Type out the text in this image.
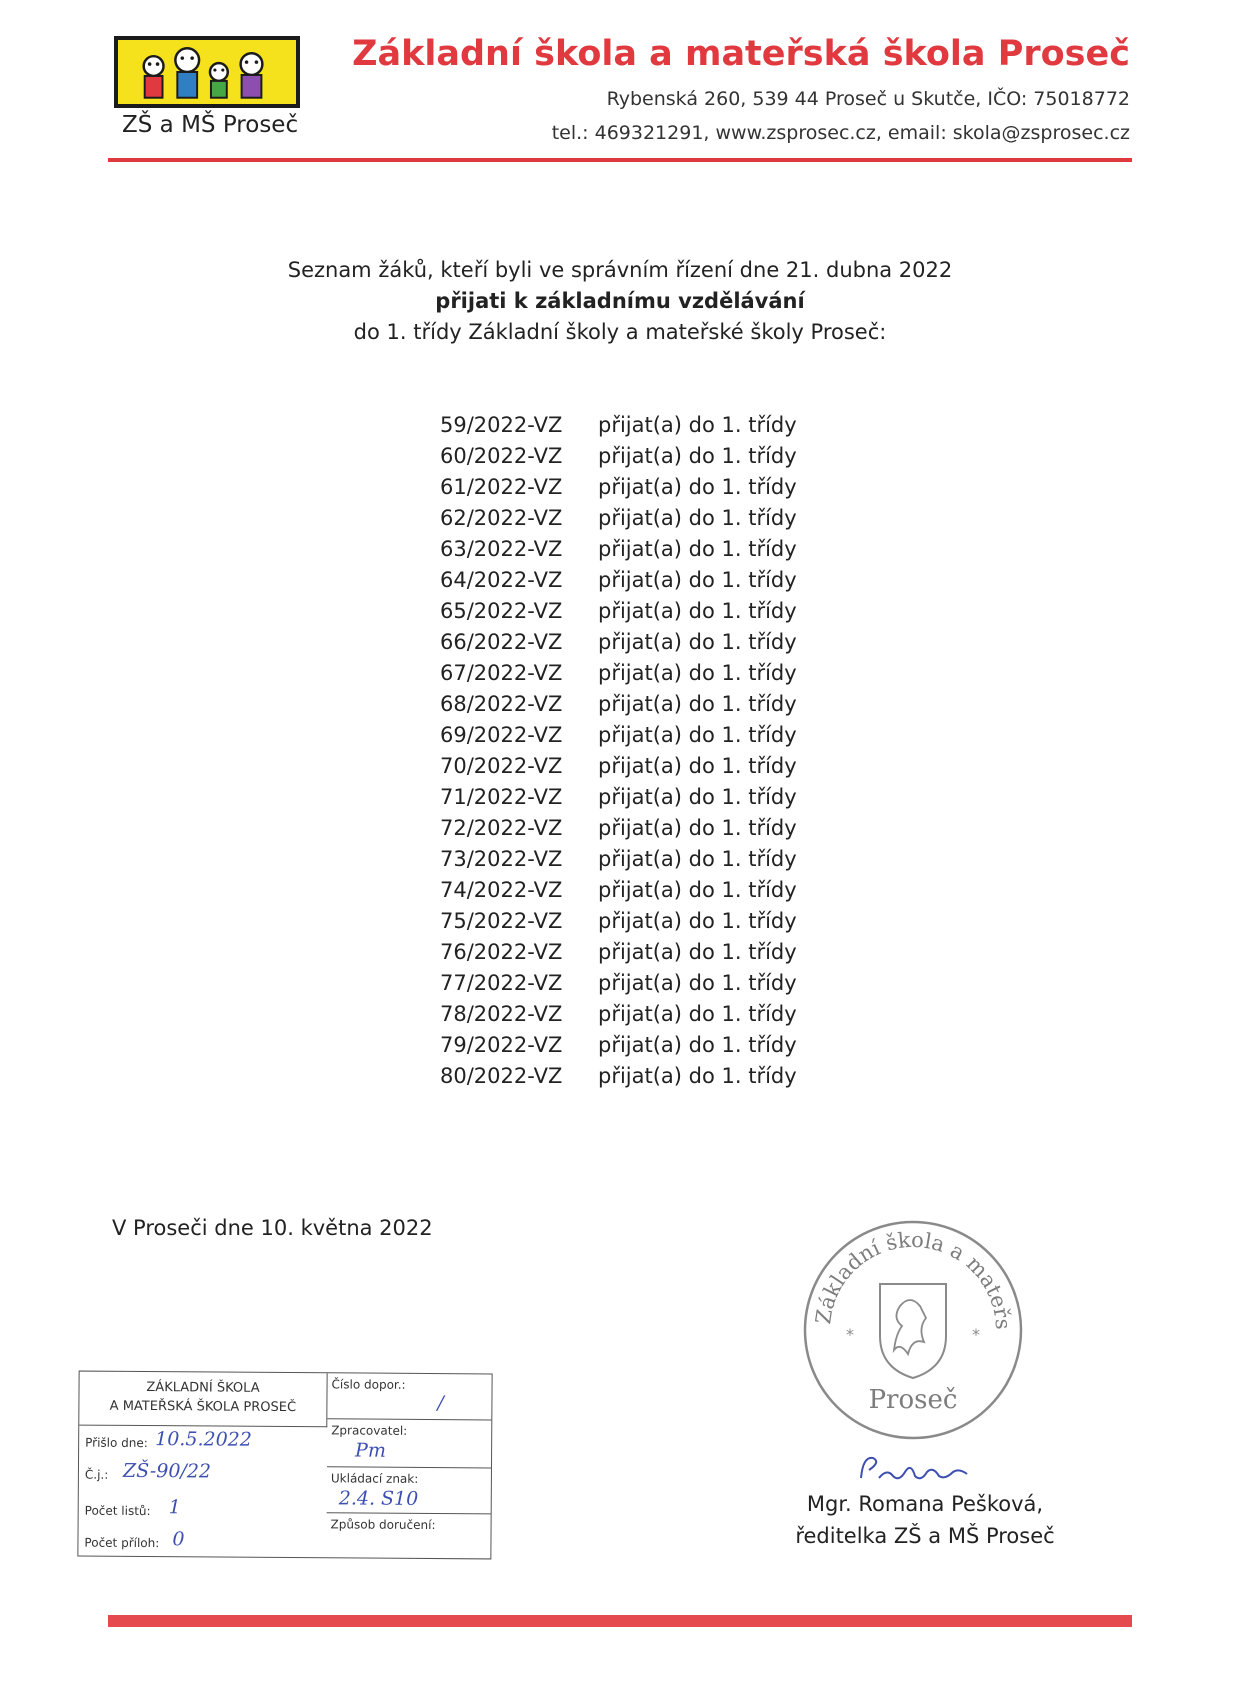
ZŠ a MŠ Proseč
Základní škola a mateřská škola Proseč
Rybenská 260, 539 44 Proseč u Skutče, IČO: 75018772
tel.: 469321291, www.zsprosec.cz, email: skola@zsprosec.cz
Seznam žáků, kteří byli ve správním řízení dne 21. dubna 2022
přijati k základnímu vzdělávání
do 1. třídy Základní školy a mateřské školy Proseč:
59/2022-VZ	přijat(a) do 1. třídy
60/2022-VZ	přijat(a) do 1. třídy
61/2022-VZ	přijat(a) do 1. třídy
62/2022-VZ	přijat(a) do 1. třídy
63/2022-VZ	přijat(a) do 1. třídy
64/2022-VZ	přijat(a) do 1. třídy
65/2022-VZ	přijat(a) do 1. třídy
66/2022-VZ	přijat(a) do 1. třídy
67/2022-VZ	přijat(a) do 1. třídy
68/2022-VZ	přijat(a) do 1. třídy
69/2022-VZ	přijat(a) do 1. třídy
70/2022-VZ	přijat(a) do 1. třídy
71/2022-VZ	přijat(a) do 1. třídy
72/2022-VZ	přijat(a) do 1. třídy
73/2022-VZ	přijat(a) do 1. třídy
74/2022-VZ	přijat(a) do 1. třídy
75/2022-VZ	přijat(a) do 1. třídy
76/2022-VZ	přijat(a) do 1. třídy
77/2022-VZ	přijat(a) do 1. třídy
78/2022-VZ	přijat(a) do 1. třídy
79/2022-VZ	přijat(a) do 1. třídy
80/2022-VZ	přijat(a) do 1. třídy
V Proseči dne 10. května 2022
Základní škola a mateřs
Proseč
*	*
Mgr. Romana Pešková,
ředitelka ZŠ a MŠ Proseč
ZÁKLADNÍ ŠKOLA
A MATEŘSKÁ ŠKOLA PROSEČ
Přišlo dne: 10.5.2022
Č.j.: ZŠ-90/22
Počet listů: 1
Počet příloh: 0
Číslo dopor.:
/
Zpracovatel:
Pm
Ukládací znak:
2.4. S10
Způsob doručení:
